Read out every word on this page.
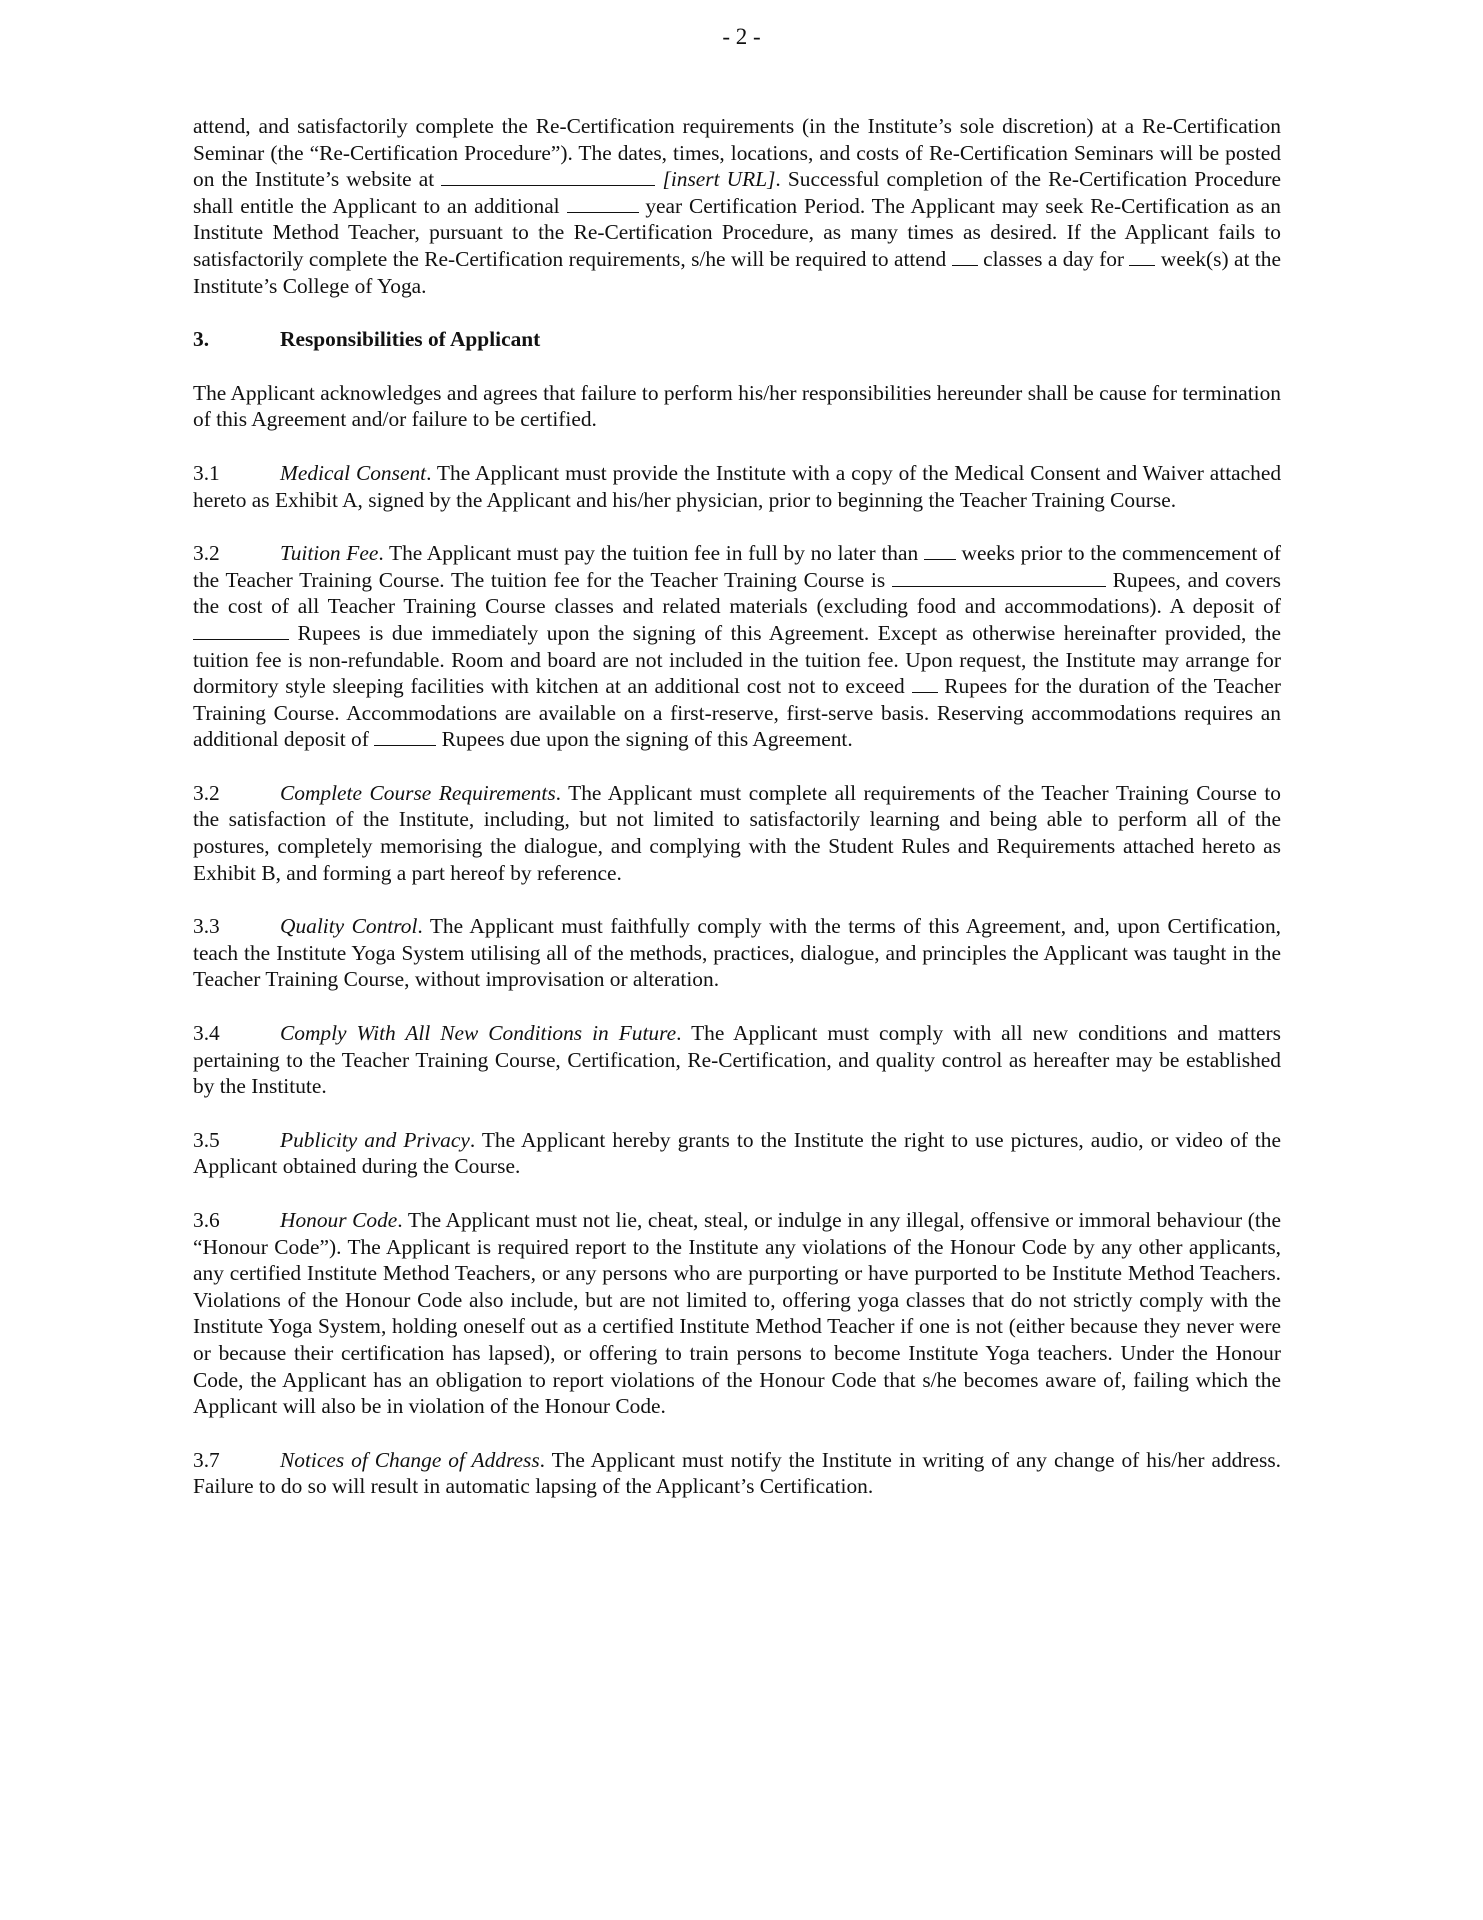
- 2 -

attend, and satisfactorily complete the Re-Certification requirements (in the Institute’s sole discretion) at a Re-Certification Seminar (the “Re-Certification Procedure”). The dates, times, locations, and costs of Re-Certification Seminars will be posted on the Institute’s website at	[insert URL]. Successful completion of the Re-Certification Procedure shall entitle the Applicant to an additional	year Certification Period. The Applicant may seek Re-Certification as an Institute Method Teacher, pursuant to the Re-Certification Procedure, as many times as desired. If the Applicant fails to satisfactorily complete the Re-Certification requirements, s/he will be required to attend classes a day for week(s) at the Institute’s College of Yoga.

3.	Responsibilities of Applicant

The Applicant acknowledges and agrees that failure to perform his/her responsibilities hereunder shall be cause for termination of this Agreement and/or failure to be certified.

3.1	Medical Consent. The Applicant must provide the Institute with a copy of the Medical Consent and Waiver attached hereto as Exhibit A, signed by the Applicant and his/her physician, prior to beginning the Teacher Training Course.

3.2	Tuition Fee. The Applicant must pay the tuition fee in full by no later than weeks prior to the commencement of the Teacher Training Course. The tuition fee for the Teacher Training Course is	Rupees, and covers the cost of all Teacher Training Course classes and related materials (excluding food and accommodations). A deposit of  Rupees is due immediately upon the signing of this Agreement. Except as otherwise hereinafter provided, the tuition fee is non-refundable. Room and board are not included in the tuition fee. Upon request, the Institute may arrange for dormitory style sleeping facilities with kitchen at an additional cost not to exceed Rupees for the duration of the Teacher Training Course. Accommodations are available on a first-reserve, first-serve basis. Reserving accommodations requires an additional deposit of	Rupees due upon the signing of this Agreement.

3.2	Complete Course Requirements. The Applicant must complete all requirements of the Teacher Training Course to the satisfaction of the Institute, including, but not limited to satisfactorily learning and being able to perform all of the postures, completely memorising the dialogue, and complying with the Student Rules and Requirements attached hereto as Exhibit B, and forming a part hereof by reference.

3.3	Quality Control. The Applicant must faithfully comply with the terms of this Agreement, and, upon Certification, teach the Institute Yoga System utilising all of the methods, practices, dialogue, and principles the Applicant was taught in the Teacher Training Course, without improvisation or alteration.

3.4	Comply With All New Conditions in Future. The Applicant must comply with all new conditions and matters pertaining to the Teacher Training Course, Certification, Re-Certification, and quality control as hereafter may be established by the Institute.

3.5	Publicity and Privacy. The Applicant hereby grants to the Institute the right to use pictures, audio, or video of the Applicant obtained during the Course.

3.6	Honour Code. The Applicant must not lie, cheat, steal, or indulge in any illegal, offensive or immoral behaviour (the “Honour Code”). The Applicant is required report to the Institute any violations of the Honour Code by any other applicants, any certified Institute Method Teachers, or any persons who are purporting or have purported to be Institute Method Teachers. Violations of the Honour Code also include, but are not limited to, offering yoga classes that do not strictly comply with the Institute Yoga System, holding oneself out as a certified Institute Method Teacher if one is not (either because they never were or because their certification has lapsed), or offering to train persons to become Institute Yoga teachers. Under the Honour Code, the Applicant has an obligation to report violations of the Honour Code that s/he becomes aware of, failing which the Applicant will also be in violation of the Honour Code.

3.7	Notices of Change of Address. The Applicant must notify the Institute in writing of any change of his/her address. Failure to do so will result in automatic lapsing of the Applicant’s Certification.
